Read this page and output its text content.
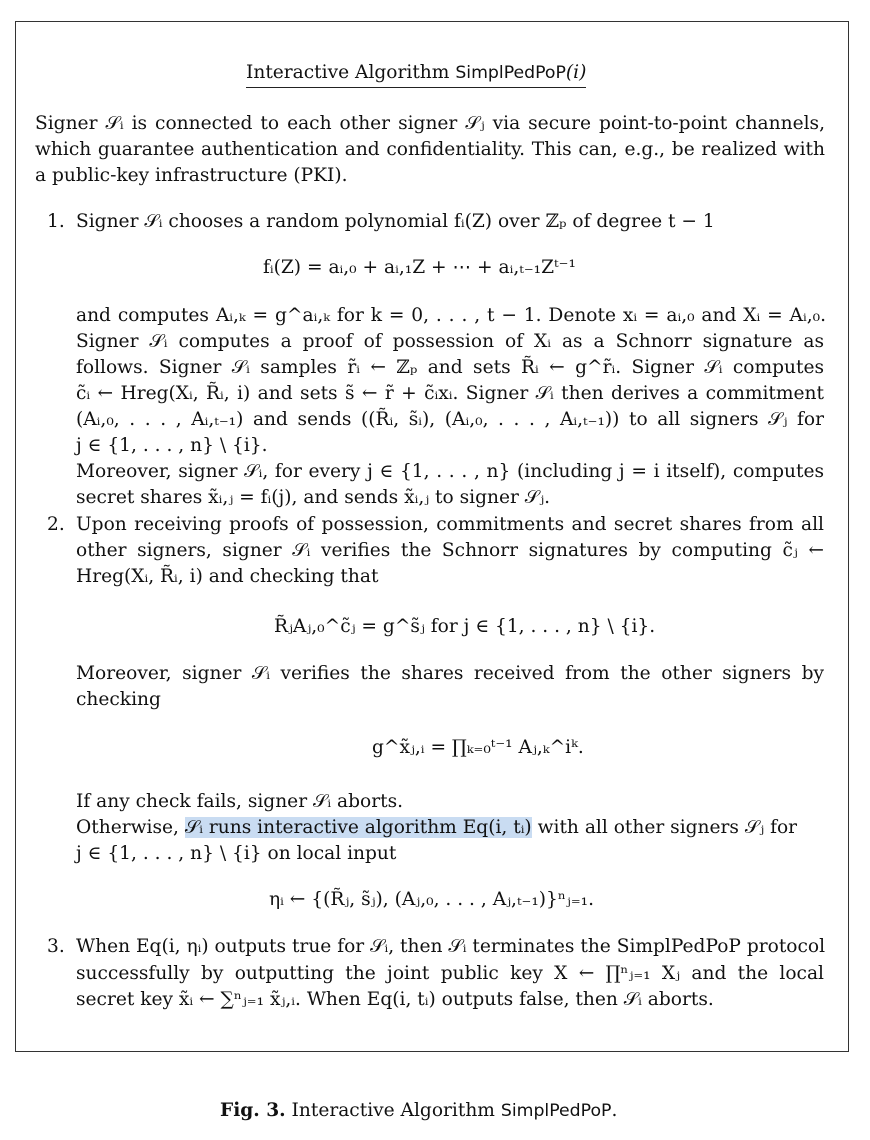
Interactive Algorithm SimplPedPoP(i)
Signer 𝒮ᵢ is connected to each other signer 𝒮ⱼ via secure point-to-point channels,
which guarantee authentication and confidentiality. This can, e.g., be realized with
a public-key infrastructure (PKI).
1. Signer 𝒮ᵢ chooses a random polynomial fᵢ(Z) over ℤₚ of degree t − 1
fᵢ(Z) = aᵢ,₀ + aᵢ,₁Z + ⋯ + aᵢ,ₜ₋₁Zᵗ⁻¹
and computes Aᵢ,ₖ = g^aᵢ,ₖ for k = 0, . . . , t − 1. Denote xᵢ = aᵢ,₀ and Xᵢ = Aᵢ,₀.
Signer 𝒮ᵢ computes a proof of possession of Xᵢ as a Schnorr signature as
follows. Signer 𝒮ᵢ samples r̃ᵢ ← ℤₚ and sets R̃ᵢ ← g^r̃ᵢ. Signer 𝒮ᵢ computes
c̃ᵢ ← Hreg(Xᵢ, R̃ᵢ, i) and sets s̃ ← r̃ + c̃ᵢxᵢ. Signer 𝒮ᵢ then derives a commitment
(Aᵢ,₀, . . . , Aᵢ,ₜ₋₁) and sends ((R̃ᵢ, s̃ᵢ), (Aᵢ,₀, . . . , Aᵢ,ₜ₋₁)) to all signers 𝒮ⱼ for
j ∈ {1, . . . , n} \ {i}.
Moreover, signer 𝒮ᵢ, for every j ∈ {1, . . . , n} (including j = i itself), computes
secret shares x̃ᵢ,ⱼ = fᵢ(j), and sends x̃ᵢ,ⱼ to signer 𝒮ⱼ.
2. Upon receiving proofs of possession, commitments and secret shares from all
other signers, signer 𝒮ᵢ verifies the Schnorr signatures by computing c̃ⱼ ←
Hreg(Xᵢ, R̃ᵢ, i) and checking that
R̃ⱼAⱼ,₀^c̃ⱼ = g^s̃ⱼ for j ∈ {1, . . . , n} \ {i}.
Moreover, signer 𝒮ᵢ verifies the shares received from the other signers by
checking
g^x̃ⱼ,ᵢ = ∏ₖ₌₀ᵗ⁻¹ Aⱼ,ₖ^iᵏ.
If any check fails, signer 𝒮ᵢ aborts.
Otherwise, 𝒮ᵢ runs interactive algorithm Eq(i, tᵢ) with all other signers 𝒮ⱼ for
j ∈ {1, . . . , n} \ {i} on local input
ηᵢ ← {(R̃ⱼ, s̃ⱼ), (Aⱼ,₀, . . . , Aⱼ,ₜ₋₁)}ⁿⱼ₌₁.
3. When Eq(i, ηᵢ) outputs true for 𝒮ᵢ, then 𝒮ᵢ terminates the SimplPedPoP protocol
successfully by outputting the joint public key X ← ∏ⁿⱼ₌₁ Xⱼ and the local
secret key x̃ᵢ ← ∑ⁿⱼ₌₁ x̃ⱼ,ᵢ. When Eq(i, tᵢ) outputs false, then 𝒮ᵢ aborts.
Fig. 3. Interactive Algorithm SimplPedPoP.
